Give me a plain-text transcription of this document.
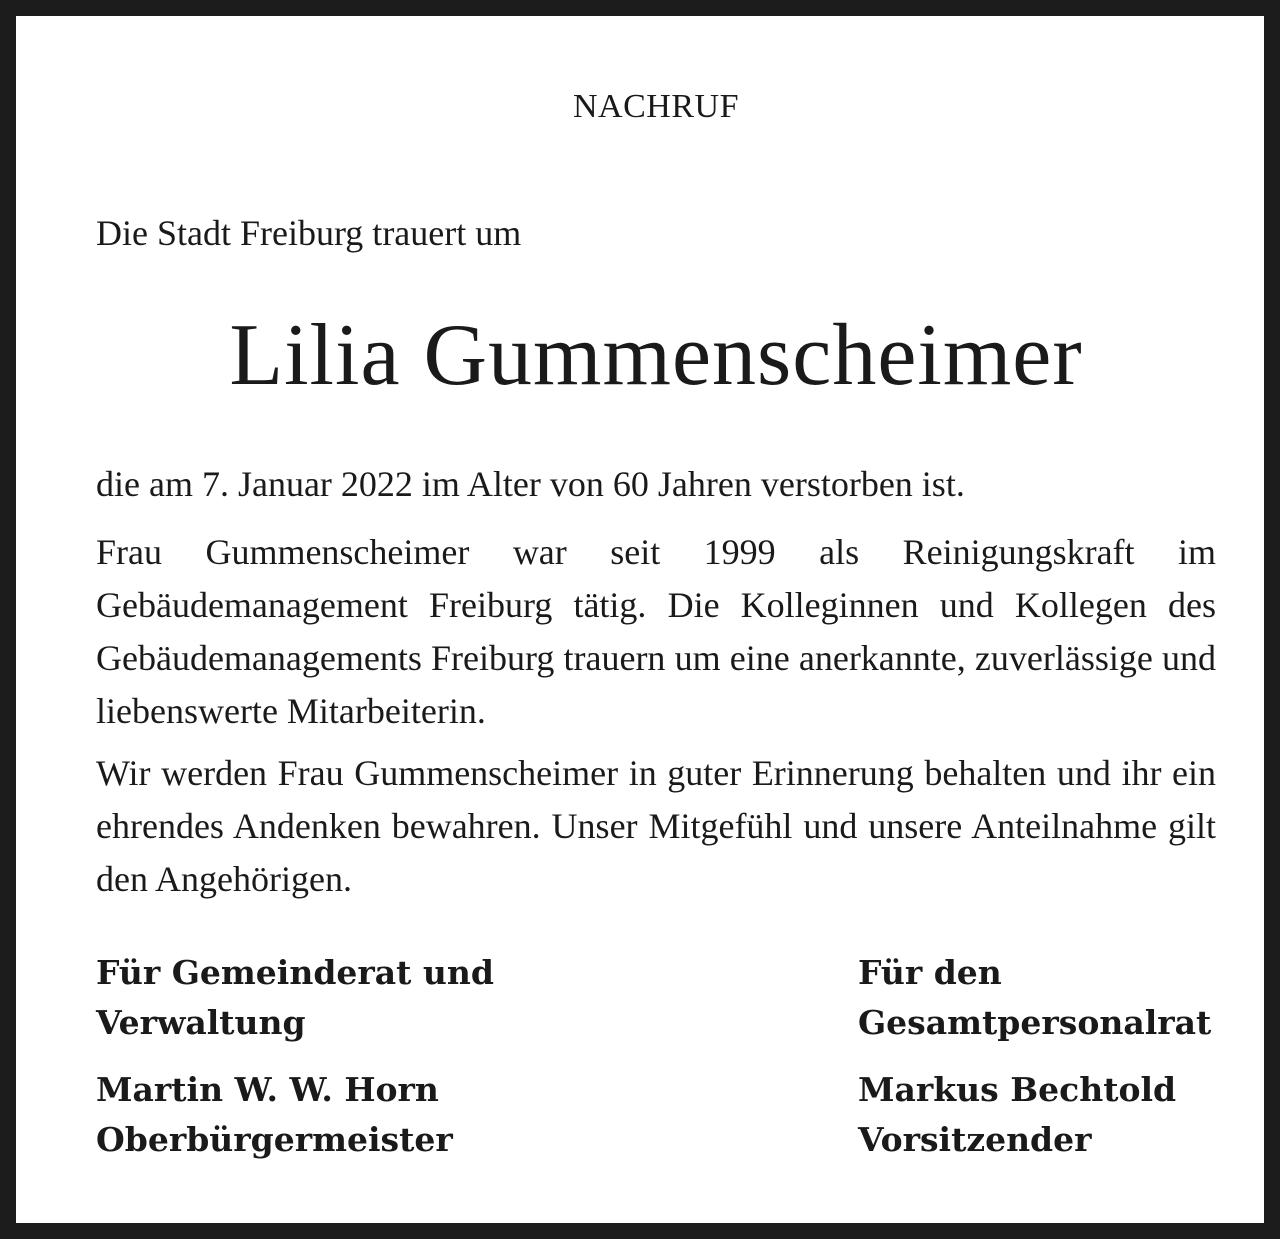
NACHRUF
Die Stadt Freiburg trauert um
Lilia Gummenscheimer
die am 7. Januar 2022 im Alter von 60 Jahren verstorben ist.
Frau Gummenscheimer war seit 1999 als Reinigungskraft im Gebäudemanagement Freiburg tätig. Die Kolleginnen und Kollegen des Gebäudemanagements Freiburg trauern um eine anerkannte, zuverlässige und liebenswerte Mitarbeiterin.
Wir werden Frau Gummenscheimer in guter Erinnerung behalten und ihr ein ehrendes Andenken bewahren. Unser Mitgefühl und unsere Anteilnahme gilt den Angehörigen.
Für Gemeinderat und
Verwaltung
Martin W. W. Horn
Oberbürgermeister
Für den
Gesamtpersonalrat
Markus Bechtold
Vorsitzender
